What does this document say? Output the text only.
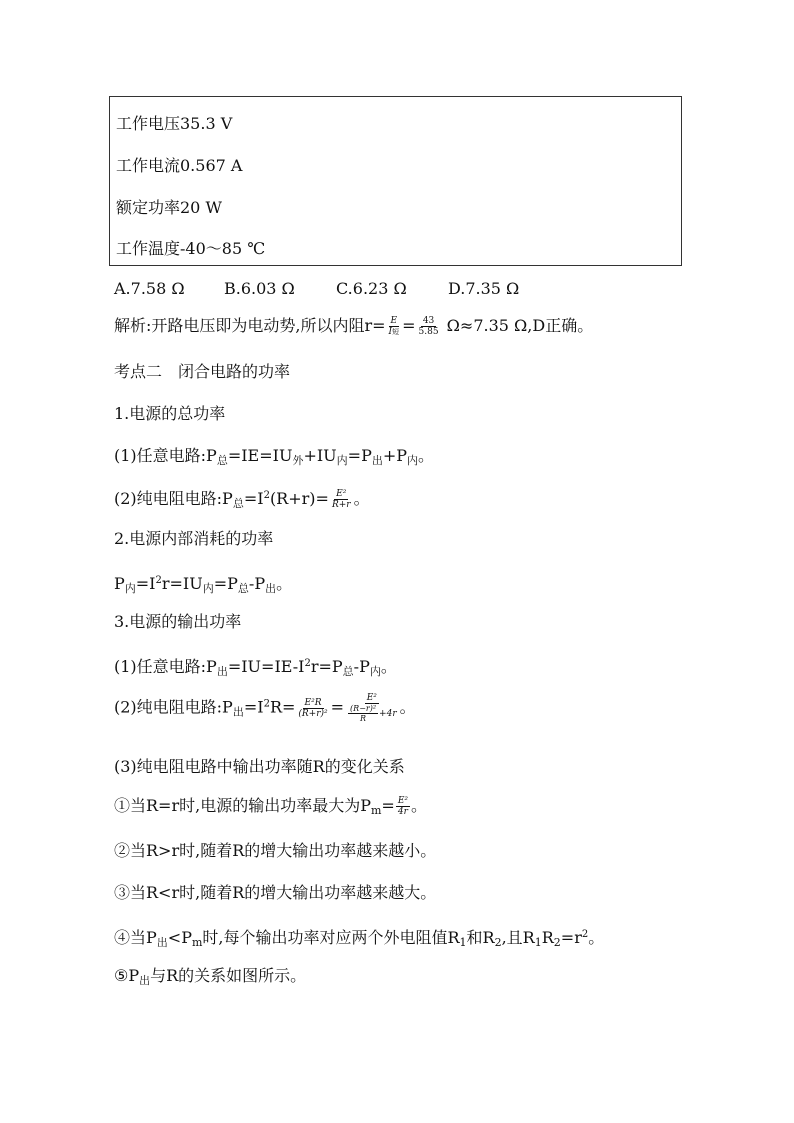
工作电压35.3 V
工作电流0.567 A
额定功率20 W
工作温度-40～85 ℃
A.7.58 Ω B.6.03 Ω	C.6.23 Ω	D.7.35 Ω
解析:开路电压即为电动势,所以内阻$r= \frac{E}{\text{I短}} = \frac{43}{5.85} \Omega\approx 7.35$ Ω,D正确。
考点二　闭合电路的功率
1.电源的总功率
(1)任意电路$:P_总=IE=IU_外+IU_内=P_出+P_内$。
(2)纯电阻电路$:P_总=I^2(R+r)= \frac{\text{E²}}{R+r}$ 。
2.电源内部消耗的功率
$P_内=I^2r=IU_内=P_总-P_出$。
3.电源的输出功率
(1)任意电路$:P_出=IU=IE-I^2r=P_总-P_内$。
(2)纯电阻电路$:P_出=I^2R= \frac{\text{E²R}}{\text{(R+r)²}} = \frac{\text{E²}}{\frac{\text{(R−r)²}}{R} +4r}$ 。
(3)纯电阻电路中输出功率随R的变化关系
①当R=r时,电源的输出功率最大为$P_m= \frac{\text{E²}}{4r}$ 。
②当R>r时,随着R的增大输出功率越来越小。
③当R<r时,随着R的增大输出功率越来越大。
④当$P_出<P_m$时,每个输出功率对应两个外电阻值$R_1$和$R_2$,且$R_1R_2=r^2$。
$⑤P_出$与R的关系如图所示。
